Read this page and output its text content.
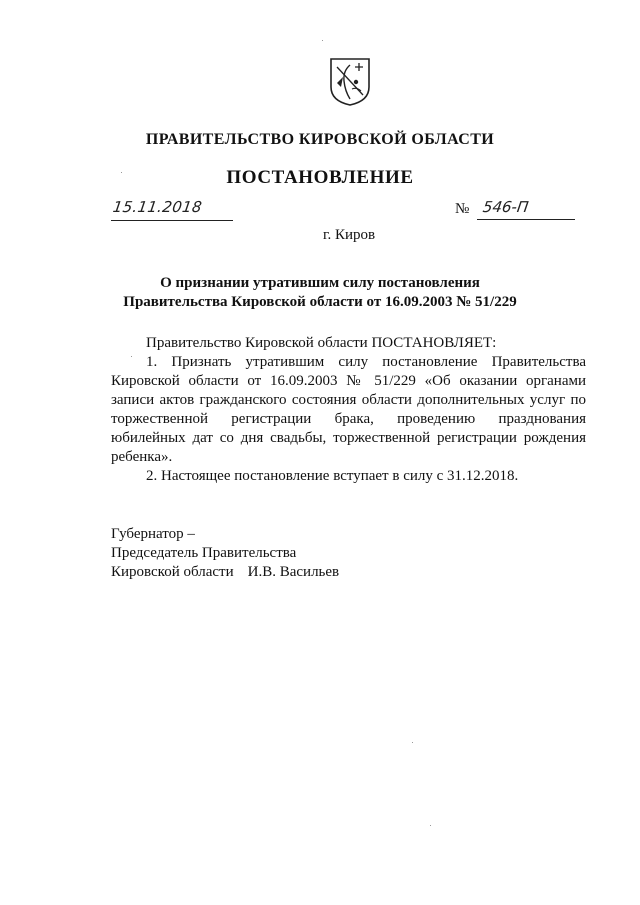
ПРАВИТЕЛЬСТВО КИРОВСКОЙ ОБЛАСТИ
ПОСТАНОВЛЕНИЕ
15.11.2018	№ 546-П
г. Киров
О признании утратившим силу постановления
Правительства Кировской области от 16.09.2003 № 51/229

Правительство Кировской области ПОСТАНОВЛЯЕТ:

1. Признать утратившим силу постановление Правительства Кировской области от 16.09.2003 № 51/229 «Об оказании органами записи актов гражданского состояния области дополнительных услуг по торжественной регистрации брака, проведению празднования юбилейных дат со дня свадьбы, торжественной регистрации рождения ребенка».

2. Настоящее постановление вступает в силу с 31.12.2018.

Губернатор –
Председатель Правительства
Кировской области И.В. Васильев
